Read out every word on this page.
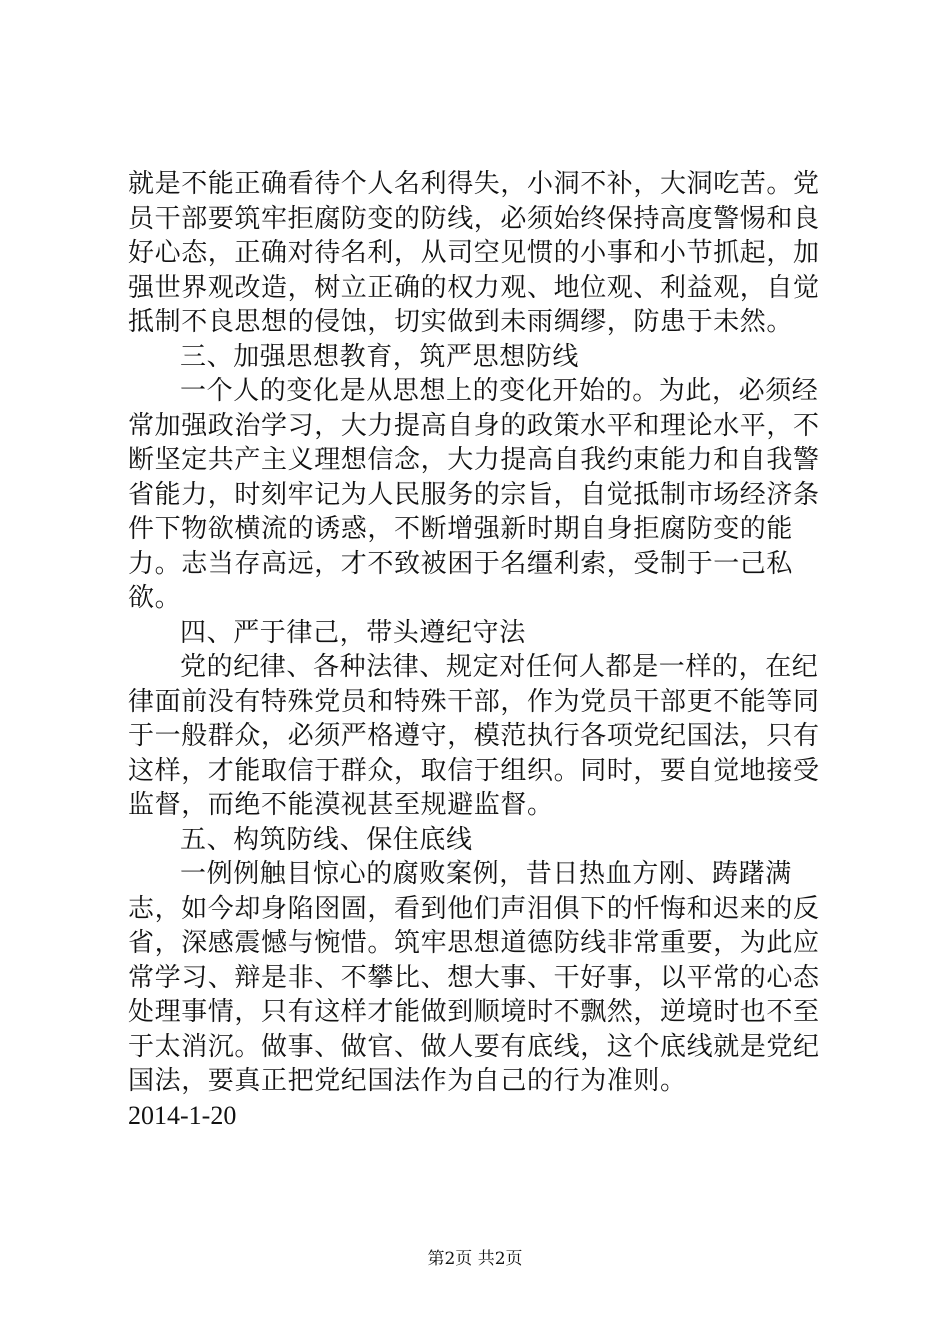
就是不能正确看待个人名利得失，小洞不补，大洞吃苦。党员干部要筑牢拒腐防变的防线，必须始终保持高度警惕和良好心态，正确对待名利，从司空见惯的小事和小节抓起，加强世界观改造，树立正确的权力观、地位观、利益观，自觉抵制不良思想的侵蚀，切实做到未雨绸缪，防患于未然。

三、加强思想教育，筑严思想防线

一个人的变化是从思想上的变化开始的。为此，必须经常加强政治学习，大力提高自身的政策水平和理论水平，不断坚定共产主义理想信念，大力提高自我约束能力和自我警省能力，时刻牢记为人民服务的宗旨，自觉抵制市场经济条件下物欲横流的诱惑，不断增强新时期自身拒腐防变的能力。志当存高远，才不致被困于名缰利索，受制于一己私欲。

四、严于律己，带头遵纪守法

党的纪律、各种法律、规定对任何人都是一样的，在纪律面前没有特殊党员和特殊干部，作为党员干部更不能等同于一般群众，必须严格遵守，模范执行各项党纪国法，只有这样，才能取信于群众，取信于组织。同时，要自觉地接受监督，而绝不能漠视甚至规避监督。

五、构筑防线、保住底线

一例例触目惊心的腐败案例，昔日热血方刚、踌躇满志，如今却身陷囹圄，看到他们声泪俱下的忏悔和迟来的反省，深感震憾与惋惜。筑牢思想道德防线非常重要，为此应常学习、辩是非、不攀比、想大事、干好事，以平常的心态处理事情，只有这样才能做到顺境时不飘然，逆境时也不至于太消沉。做事、做官、做人要有底线，这个底线就是党纪国法，要真正把党纪国法作为自己的行为准则。

2014-1-20

第2页 共2页
